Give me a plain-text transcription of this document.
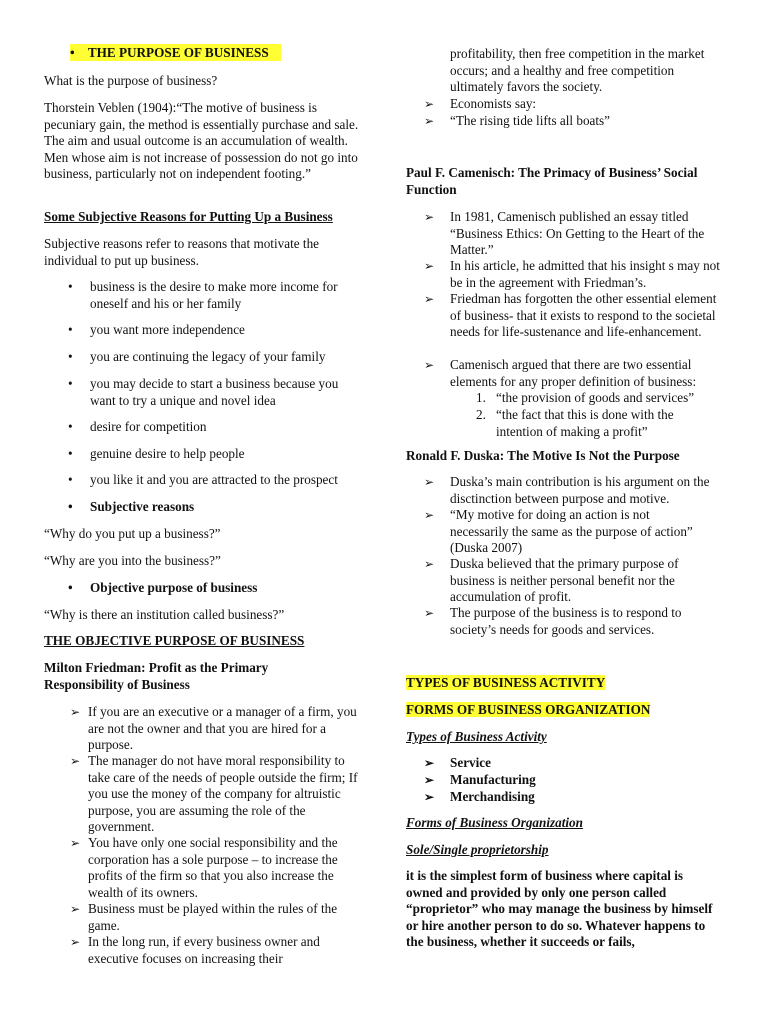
• THE PURPOSE OF BUSINESS

What is the purpose of business?

Thorstein Veblen (1904):“The motive of business is pecuniary gain, the method is essentially purchase and sale. The aim and usual outcome is an accumulation of wealth. Men whose aim is not increase of possession do not go into business, particularly not on independent footing.”

Some Subjective Reasons for Putting Up a Business

Subjective reasons refer to reasons that motivate the individual to put up business.

• business is the desire to make more income for oneself and his or her family

• you want more independence

• you are continuing the legacy of your family

• you may decide to start a business because you want to try a unique and novel idea

• desire for competition

• genuine desire to help people

• you like it and you are attracted to the prospect

• Subjective reasons

“Why do you put up a business?”

“Why are you into the business?”

• Objective purpose of business

“Why is there an institution called business?”

THE OBJECTIVE PURPOSE OF BUSINESS

Milton Friedman: Profit as the Primary Responsibility of Business

➢ If you are an executive or a manager of a firm, you are not the owner and that you are hired for a purpose.

➢ The manager do not have moral responsibility to take care of the needs of people outside the firm; If you use the money of the company for altruistic purpose, you are assuming the role of the government.

➢ You have only one social responsibility and the corporation has a sole purpose – to increase the profits of the firm so that you also increase the wealth of its owners.

➢ Business must be played within the rules of the game.

➢ In the long run, if every business owner and executive focuses on increasing their

profitability, then free competition in the market occurs; and a healthy and free competition ultimately favors the society.

➢ Economists say:

➢ “The rising tide lifts all boats”

Paul F. Camenisch: The Primacy of Business’ Social Function

➢ In 1981, Camenisch published an essay titled “Business Ethics: On Getting to the Heart of the Matter.”

➢ In his article, he admitted that his insight s may not be in the agreement with Friedman’s.

➢ Friedman has forgotten the other essential element of business- that it exists to respond to the societal needs for life-sustenance and life-enhancement.

➢ Camenisch argued that there are two essential elements for any proper definition of business:

1. “the provision of goods and services”

2. “the fact that this is done with the intention of making a profit”

Ronald F. Duska: The Motive Is Not the Purpose

➢ Duska’s main contribution is his argument on the disctinction between purpose and motive.

➢ “My motive for doing an action is not necessarily the same as the purpose of action” (Duska 2007)

➢ Duska believed that the primary purpose of business is neither personal benefit nor the accumulation of profit.

➢ The purpose of the business is to respond to society’s needs for goods and services.

TYPES OF BUSINESS ACTIVITY

FORMS OF BUSINESS ORGANIZATION

Types of Business Activity

➢ Service

➢ Manufacturing

➢ Merchandising

Forms of Business Organization

Sole/Single proprietorship

it is the simplest form of business where capital is owned and provided by only one person called “proprietor” who may manage the business by himself or hire another person to do so. Whatever happens to the business, whether it succeeds or fails,
